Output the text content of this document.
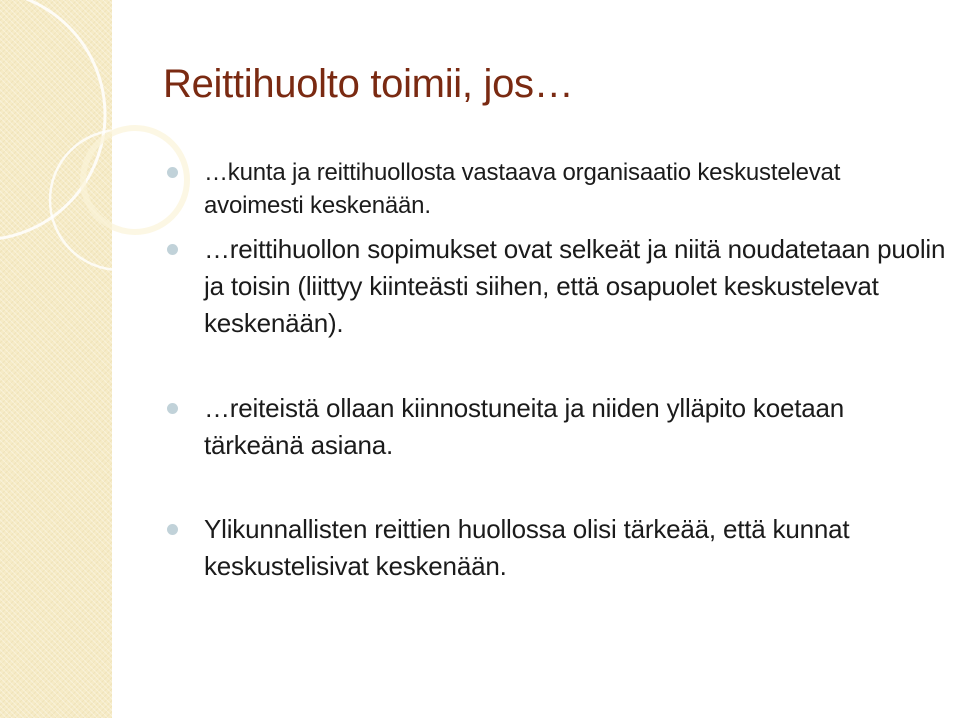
Reittihuolto toimii, jos…
…kunta ja reittihuollosta vastaava organisaatio keskustelevat avoimesti keskenään.
…reittihuollon sopimukset ovat selkeät ja niitä noudatetaan puolin ja toisin (liittyy kiinteästi siihen, että osapuolet keskustelevat keskenään).
…reiteistä ollaan kiinnostuneita ja niiden ylläpito koetaan tärkeänä asiana.
Ylikunnallisten reittien huollossa olisi tärkeää, että kunnat keskustelisivat keskenään.
